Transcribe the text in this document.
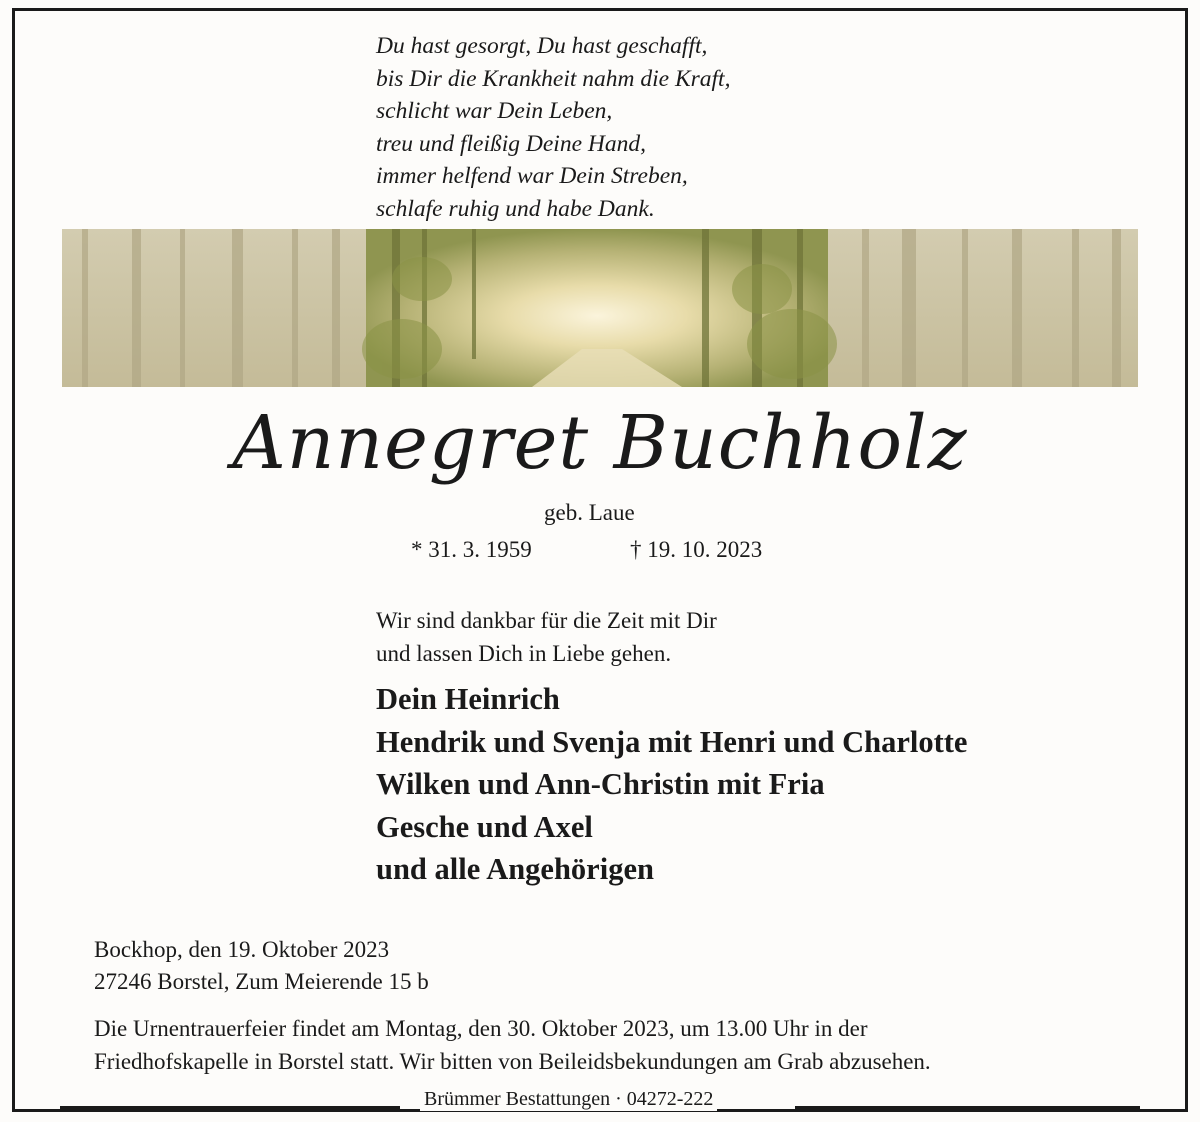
Du hast gesorgt, Du hast geschafft,
bis Dir die Krankheit nahm die Kraft,
schlicht war Dein Leben,
treu und fleißig Deine Hand,
immer helfend war Dein Streben,
schlafe ruhig und habe Dank.
Annegret Buchholz
geb. Laue
* 31. 3. 1959	† 19. 10. 2023
Wir sind dankbar für die Zeit mit Dir
und lassen Dich in Liebe gehen.
Dein Heinrich
Hendrik und Svenja mit Henri und Charlotte
Wilken und Ann-Christin mit Fria
Gesche und Axel
und alle Angehörigen
Bockhop, den 19. Oktober 2023
27246 Borstel, Zum Meierende 15 b
Die Urnentrauerfeier findet am Montag, den 30. Oktober 2023, um 13.00 Uhr in der
Friedhofskapelle in Borstel statt. Wir bitten von Beileidsbekundungen am Grab abzusehen.
Brümmer Bestattungen · 04272-222
